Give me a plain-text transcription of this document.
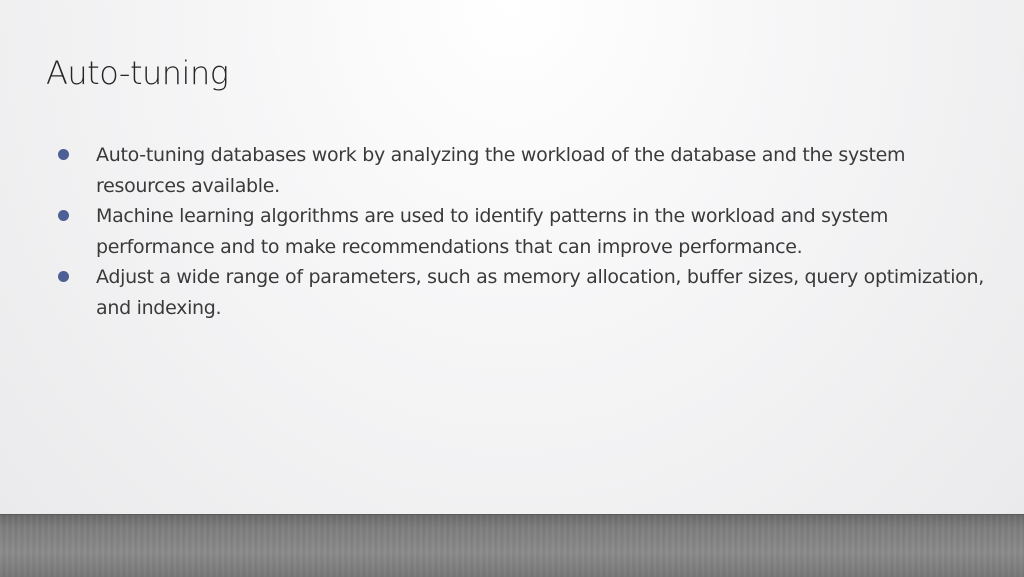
Auto-tuning
Auto-tuning databases work by analyzing the workload of the database and the system resources available.
Machine learning algorithms are used to identify patterns in the workload and system performance and to make recommendations that can improve performance.
Adjust a wide range of parameters, such as memory allocation, buffer sizes, query optimization, and indexing.
